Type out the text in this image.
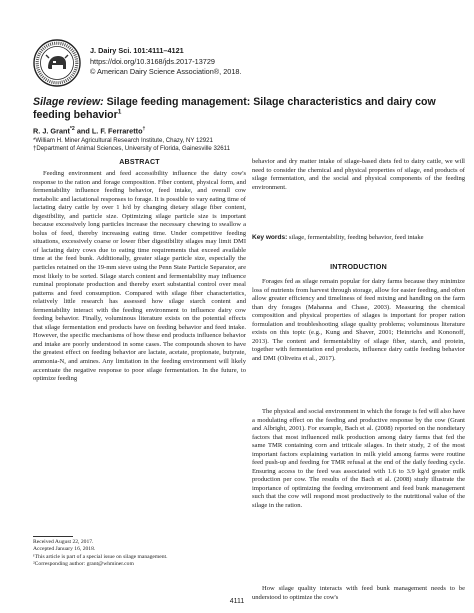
J. Dairy Sci. 101:4111–4121
https://doi.org/10.3168/jds.2017-13729
© American Dairy Science Association®, 2018.
Silage review: Silage feeding management: Silage characteristics and dairy cow feeding behavior$^1$
R. J. Grant$^{*2}$ and L. F. Ferraretto†
*William H. Miner Agricultural Research Institute, Chazy, NY 12921
†Department of Animal Sciences, University of Florida, Gainesville 32611
ABSTRACT
Feeding environment and feed accessibility influence the dairy cow's response to the ration and forage composition. Fiber content, physical form, and fermentability influence feeding behavior, feed intake, and overall cow metabolic and lactational responses to forage. It is possible to vary eating time of lactating dairy cattle by over 1 h/d by changing dietary silage fiber content, digestibility, and particle size. Optimizing silage particle size is important because excessively long particles increase the necessary chewing to swallow a bolus of feed, thereby increasing eating time. Under competitive feeding situations, excessively coarse or lower fiber digestibility silages may limit DMI of lactating dairy cows due to eating time requirements that exceed available time at the feed bunk. Additionally, greater silage particle size, especially the particles retained on the 19-mm sieve using the Penn State Particle Separator, are most likely to be sorted. Silage starch content and fermentability may influence ruminal propionate production and thereby exert substantial control over meal patterns and feed consumption. Compared with silage fiber characteristics, relatively little research has assessed how silage starch content and fermentability interact with the feeding environment to influence dairy cow feeding behavior. Finally, voluminous literature exists on the potential effects that silage fermentation end products have on feeding behavior and feed intake. However, the specific mechanisms of how these end products influence behavior and intake are poorly understood in some cases. The compounds shown to have the greatest effect on feeding behavior are lactate, acetate, propionate, butyrate, ammonia-N, and amines. Any limitation in the feeding environment will likely accentuate the negative response to poor silage fermentation. In the future, to optimize feeding
behavior and dry matter intake of silage-based diets fed to dairy cattle, we will need to consider the chemical and physical properties of silage, end products of silage fermentation, and the social and physical components of the feeding environment.
Key words: silage, fermentability, feeding behavior, feed intake
INTRODUCTION
Forages fed as silage remain popular for dairy farms because they minimize loss of nutrients from harvest through storage, allow for easier feeding, and often allow greater efficiency and timeliness of feed mixing and handling on the farm than dry forages (Mahanna and Chase, 2003). Measuring the chemical composition and physical properties of silages is important for proper ration formulation and troubleshooting silage quality problems; voluminous literature exists on this topic (e.g., Kung and Shaver, 2001; Heinrichs and Kononoff, 2013). The content and fermentability of silage fiber, starch, and protein, together with fermentation end products, influence dairy cattle feeding behavior and DMI (Oliveira et al., 2017).
The physical and social environment in which the forage is fed will also have a modulating effect on the feeding and productive response by the cow (Grant and Albright, 2001). For example, Bach et al. (2008) reported on the nondietary factors that most influenced milk production among dairy farms that fed the same TMR containing corn and triticale silages. In their study, 2 of the most important factors explaining variation in milk yield among farms were routine feed push-up and feeding for TMR refusal at the end of the daily feeding cycle. Ensuring access to the feed was associated with 1.6 to 3.9 kg/d greater milk production per cow. The results of the Bach et al. (2008) study illustrate the importance of optimizing the feeding environment and feed bunk management such that the cow will respond most productively to the nutritional value of the silage in the ration.
How silage quality interacts with feed bunk management needs to be understood to optimize the cow's
Received August 22, 2017.
Accepted January 16, 2018.
¹This article is part of a special issue on silage management.
²Corresponding author: grant@whminer.com
4111
